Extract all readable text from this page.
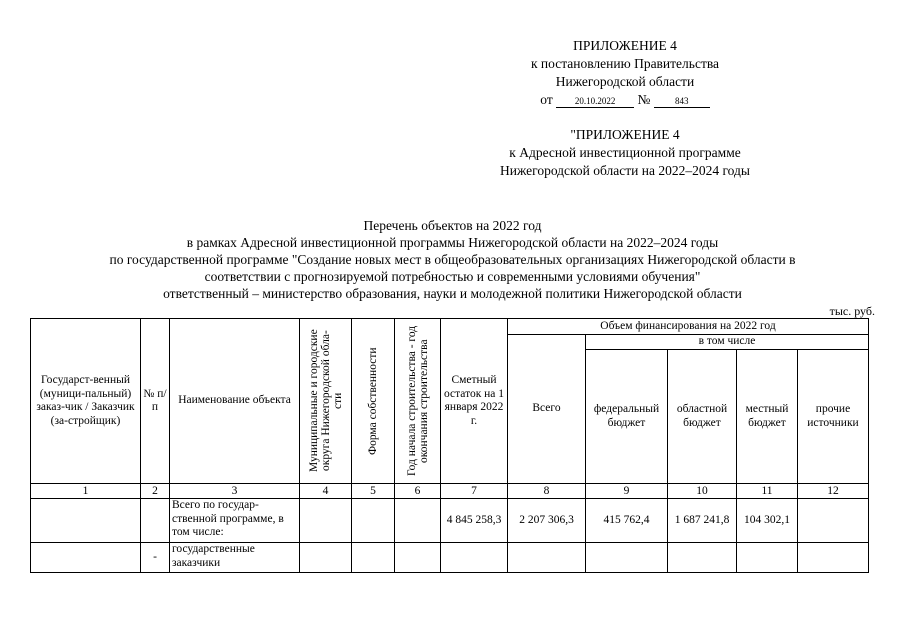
ПРИЛОЖЕНИЕ 4
к постановлению Правительства
Нижегородской области
от 20.10.2022 №	843
"ПРИЛОЖЕНИЕ 4
к Адресной инвестиционной программе
Нижегородской области на 2022–2024 годы
Перечень объектов на 2022 год
в рамках Адресной инвестиционной программы Нижегородской области на 2022–2024 годы
по государственной программе "Создание новых мест в общеобразовательных организациях Нижегородской области в
соответствии с прогнозируемой потребностью и современными условиями обучения"
ответственный – министерство образования, науки и молодежной политики Нижегородской области
тыс. руб.
Государст-венный (муници-пальный) заказ-чик / Заказчик (за-стройщик)	№ п/п	Наименование объекта	Муниципальные и городские округа Нижегородской обла-сти	Форма собственности	Год начала строительства - год окончания строительства	Сметный остаток на 1 января 2022 г.	Объем финансирования на 2022 год				
							Всего	в том числе			
								федеральный бюджет	областной бюджет	местный бюджет	прочие источники
1	2	3	4	5	6	7	8	9	10	11	12
		Всего по государ-ственной программе, в том числе:				4 845 258,3	2 207 306,3	415 762,4	1 687 241,8	104 302,1	
	-	государственные заказчики									
